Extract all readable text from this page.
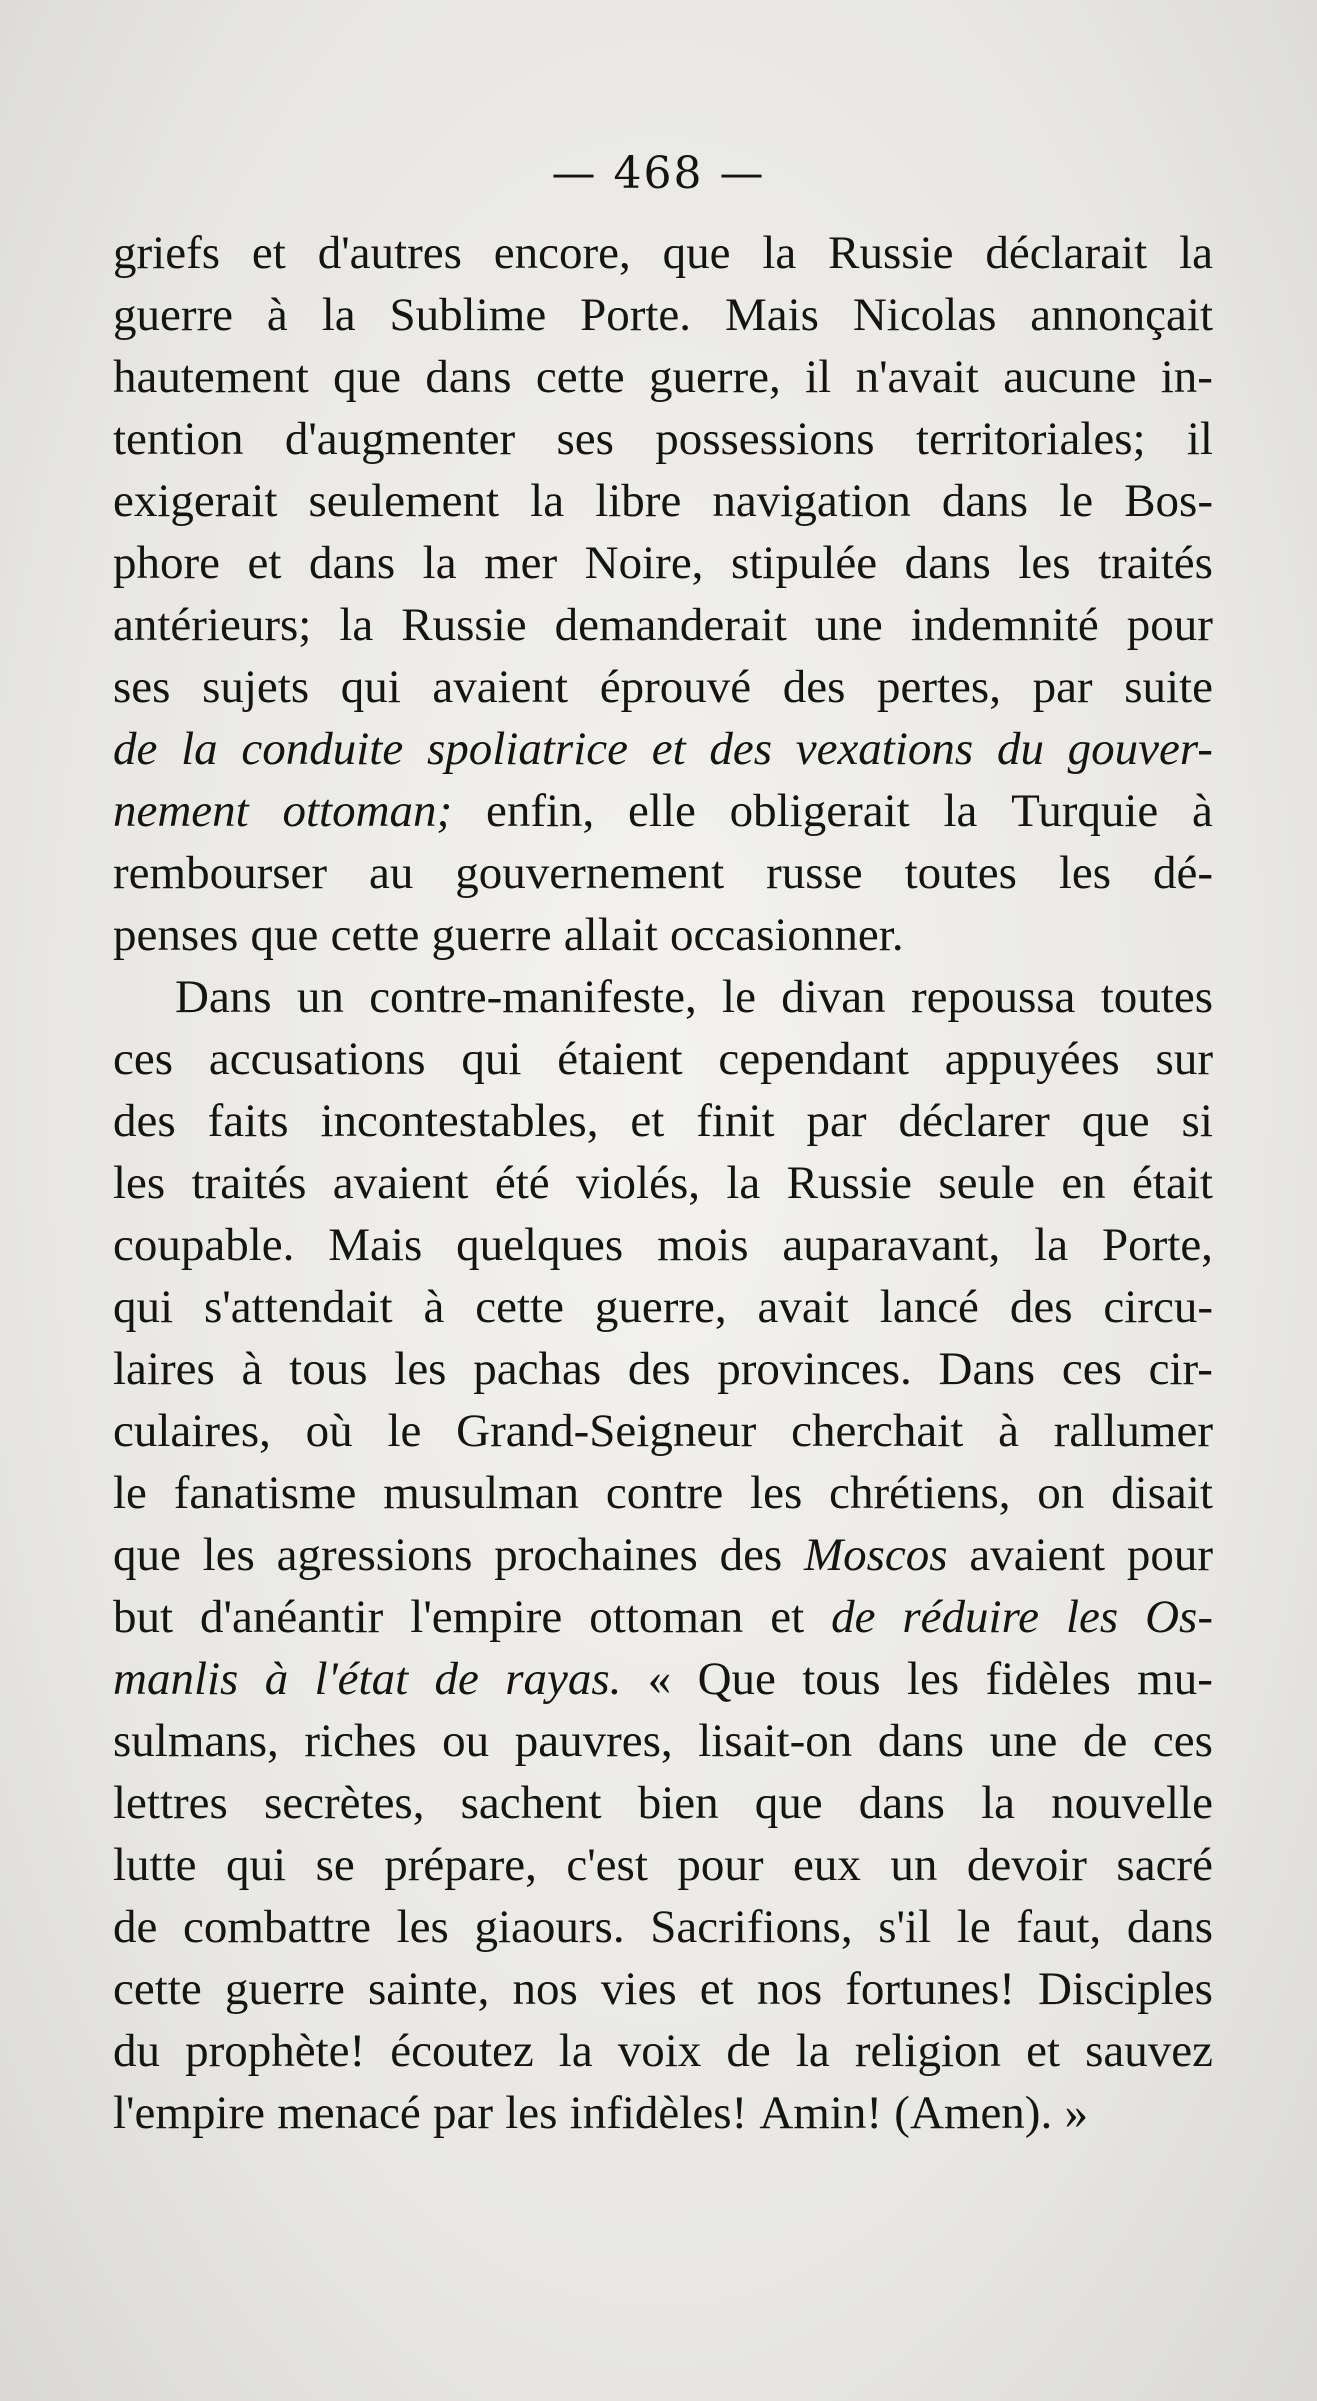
— 468 —
griefs et d'autres encore, que la Russie déclarait la
guerre à la Sublime Porte. Mais Nicolas annonçait
hautement que dans cette guerre, il n'avait aucune in-
tention d'augmenter ses possessions territoriales; il
exigerait seulement la libre navigation dans le Bos-
phore et dans la mer Noire, stipulée dans les traités
antérieurs; la Russie demanderait une indemnité pour
ses sujets qui avaient éprouvé des pertes, par suite
de la conduite spoliatrice et des vexations du gouver-
nement ottoman; enfin, elle obligerait la Turquie à
rembourser au gouvernement russe toutes les dé-
penses que cette guerre allait occasionner.
Dans un contre-manifeste, le divan repoussa toutes
ces accusations qui étaient cependant appuyées sur
des faits incontestables, et finit par déclarer que si
les traités avaient été violés, la Russie seule en était
coupable. Mais quelques mois auparavant, la Porte,
qui s'attendait à cette guerre, avait lancé des circu-
laires à tous les pachas des provinces. Dans ces cir-
culaires, où le Grand-Seigneur cherchait à rallumer
le fanatisme musulman contre les chrétiens, on disait
que les agressions prochaines des Moscos avaient pour
but d'anéantir l'empire ottoman et de réduire les Os-
manlis à l'état de rayas. « Que tous les fidèles mu-
sulmans, riches ou pauvres, lisait-on dans une de ces
lettres secrètes, sachent bien que dans la nouvelle
lutte qui se prépare, c'est pour eux un devoir sacré
de combattre les giaours. Sacrifions, s'il le faut, dans
cette guerre sainte, nos vies et nos fortunes! Disciples
du prophète! écoutez la voix de la religion et sauvez
l'empire menacé par les infidèles! Amin! (Amen). »
